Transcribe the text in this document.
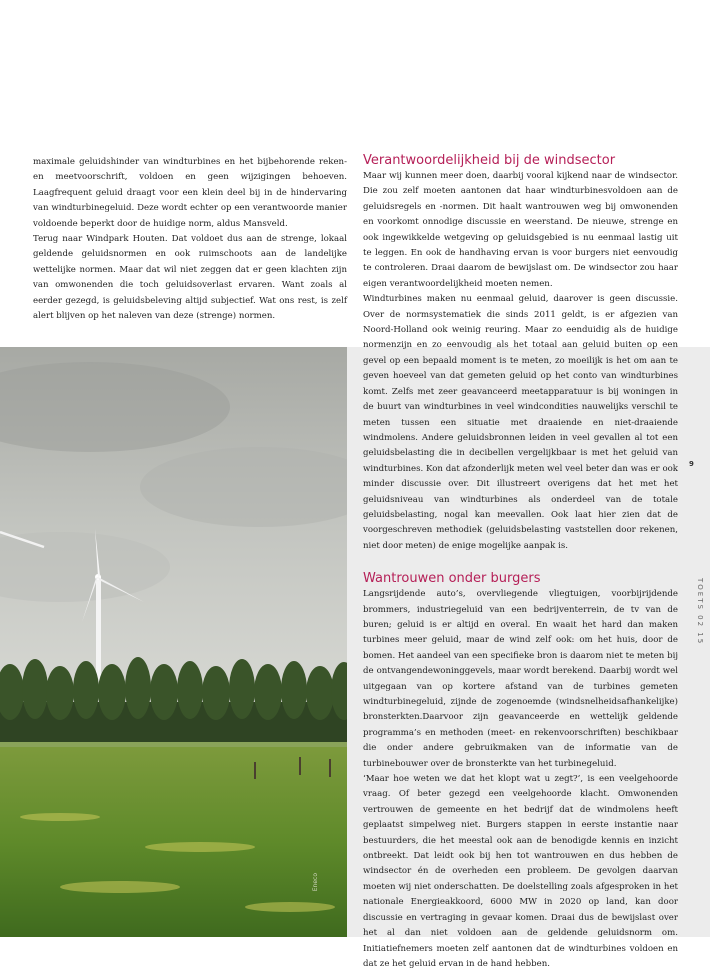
maximale geluidshinder van windturbines en het bijbehorende reken- en meetvoorschrift, voldoen en geen wijzigingen behoeven. Laagfrequent geluid draagt voor een klein deel bij in de hindervaring van windturbinegeluid. Deze wordt echter op een verantwoorde manier voldoende beperkt door de huidige norm, aldus Mansveld.

Terug naar Windpark Houten. Dat voldoet dus aan de strenge, lokaal geldende geluidsnormen en ook ruimschoots aan de landelijke wettelijke normen. Maar dat wil niet zeggen dat er geen klachten zijn van omwonenden die toch geluidsoverlast ervaren. Want zoals al eerder gezegd, is geluidsbeleving altijd subjectief. Wat ons rest, is zelf alert blijven op het naleven van deze (strenge) normen.

Verantwoordelijkheid bij de windsector

Maar wij kunnen meer doen, daarbij vooral kijkend naar de windsector. Die zou zelf moeten aantonen dat haar windturbinesvoldoen aan de geluidsregels en -normen. Dit haalt wantrouwen weg bij omwonenden en voorkomt onnodige discussie en weerstand. De nieuwe, strenge en ook ingewikkelde wetgeving op geluidsgebied is nu eenmaal lastig uit te leggen. En ook de handhaving ervan is voor burgers niet eenvoudig te controleren. Draai daarom de bewijslast om. De windsector zou haar eigen verantwoordelijkheid moeten nemen.

Windturbines maken nu eenmaal geluid, daarover is geen discussie. Over de normsystematiek die sinds 2011 geldt, is er afgezien van Noord-Holland ook weinig reuring. Maar zo eenduidig als de huidige normenzijn en zo eenvoudig als het totaal aan geluid buiten op een gevel op een bepaald moment is te meten, zo moeilijk is het om aan te geven hoeveel van dat gemeten geluid op het conto van windturbines komt. Zelfs met zeer geavanceerd meetapparatuur is bij woningen in de buurt van windturbines in veel windcondities nauwelijks verschil te meten tussen een situatie met draaiende en niet-draaiende windmolens. Andere geluidsbronnen leiden in veel gevallen al tot een geluidsbelasting die in decibellen vergelijkbaar is met het geluid van windturbines. Kon dat afzonderlijk meten wel veel beter dan was er ook minder discussie over. Dit illustreert overigens dat het met het geluidsniveau van windturbines als onderdeel van de totale geluidsbelasting, nogal kan meevallen. Ook laat hier zien dat de voorgeschreven methodiek (geluidsbelasting vaststellen door rekenen, niet door meten) de enige mogelijke aanpak is.

Wantrouwen onder burgers

Langsrijdende auto’s, overvliegende vliegtuigen, voorbijrijdende brommers, industriegeluid van een bedrijventerrein, de tv van de buren; geluid is er altijd en overal. En waait het hard dan maken turbines meer geluid, maar de wind zelf ook: om het huis, door de bomen. Het aandeel van een specifieke bron is daarom niet te meten bij de ontvangendewoninggevels, maar wordt berekend. Daarbij wordt wel uitgegaan van op kortere afstand van de turbines gemeten windturbinegeluid, zijnde de zogenoemde (windsnelheidsafhankelijke) bronsterkten.Daarvoor zijn geavanceerde en wettelijk geldende programma’s en methoden (meet- en rekenvoorschriften) beschikbaar die onder andere gebruikmaken van de informatie van de turbinebouwer over de bronsterkte van het turbinegeluid.

‘Maar hoe weten we dat het klopt wat u zegt?’, is een veelgehoorde vraag. Of beter gezegd een veelgehoorde klacht. Omwonenden vertrouwen de gemeente en het bedrijf dat de windmolens heeft geplaatst simpelweg niet. Burgers stappen in eerste instantie naar bestuurders, die het meestal ook aan de benodigde kennis en inzicht ontbreekt. Dat leidt ook bij hen tot wantrouwen en dus hebben de windsector én de overheden een probleem. De gevolgen daarvan moeten wij niet onderschatten. De doelstelling zoals afgesproken in het nationale Energieakkoord, 6000 MW in 2020 op land, kan door discussie en vertraging in gevaar komen. Draai dus de bewijslast over het al dan niet voldoen aan de geldende geluidsnorm om. Initiatiefnemers moeten zelf aantonen dat de windturbines voldoen en dat ze het geluid ervan in de hand hebben.

9
TOETS 02 15
Eneco
